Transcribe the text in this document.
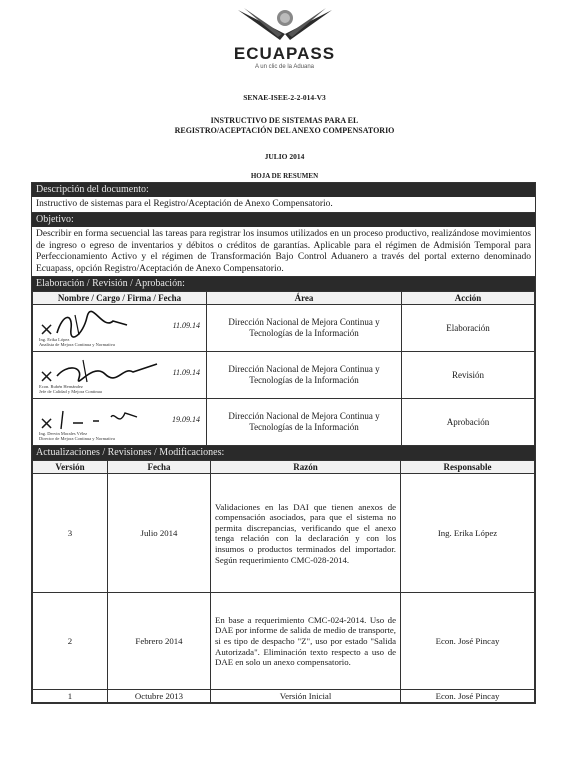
ECUAPASS
A un clic de la Aduana
SENAE-ISEE-2-2-014-V3
INSTRUCTIVO DE SISTEMAS PARA EL
REGISTRO/ACEPTACIÓN DEL ANEXO COMPENSATORIO
JULIO 2014
HOJA DE RESUMEN
Descripción del documento:
Instructivo de sistemas para el Registro/Aceptación de Anexo Compensatorio.
Objetivo:
Describir en forma secuencial las tareas para registrar los insumos utilizados en un proceso productivo, realizándose movimientos de ingreso o egreso de inventarios y débitos o créditos de garantías. Aplicable para el régimen de Admisión Temporal para Perfeccionamiento Activo y el régimen de Transformación Bajo Control Aduanero a través del portal externo denominado Ecuapass, opción Registro/Aceptación de Anexo Compensatorio.
Elaboración / Revisión / Aprobación:
Nombre / Cargo / Firma / Fecha	Área	Acción

× 11.09.14
Ing. Erika López
Analista de Mejora Continua y Normativa	Dirección Nacional de Mejora Continua y Tecnologías de la Información	Elaboración

× 11.09.14
Econ. Rubén Hernández
Jefe de Calidad y Mejora Continua	Dirección Nacional de Mejora Continua y Tecnologías de la Información	Revisión

× 19.09.14
Ing. Dervin Morales Vélez
Director de Mejora Continua y Normativa	Dirección Nacional de Mejora Continua y Tecnologías de la Información	Aprobación
Actualizaciones / Revisiones / Modificaciones:
Versión	Fecha	Razón	Responsable
3	Julio 2014	Validaciones en las DAI que tienen anexos de compensación asociados, para que el sistema no permita discrepancias, verificando que el anexo tenga relación con la declaración y con los insumos o productos terminados del importador. Según requerimiento CMC-028-2014.	Ing. Erika López
2	Febrero 2014	En base a requerimiento CMC-024-2014. Uso de DAE por informe de salida de medio de transporte, si es tipo de despacho "Z", uso por estado "Salida Autorizada". Eliminación texto respecto a uso de DAE en solo un anexo compensatorio.	Econ. José Pincay
1	Octubre 2013	Versión Inicial	Econ. José Pincay
